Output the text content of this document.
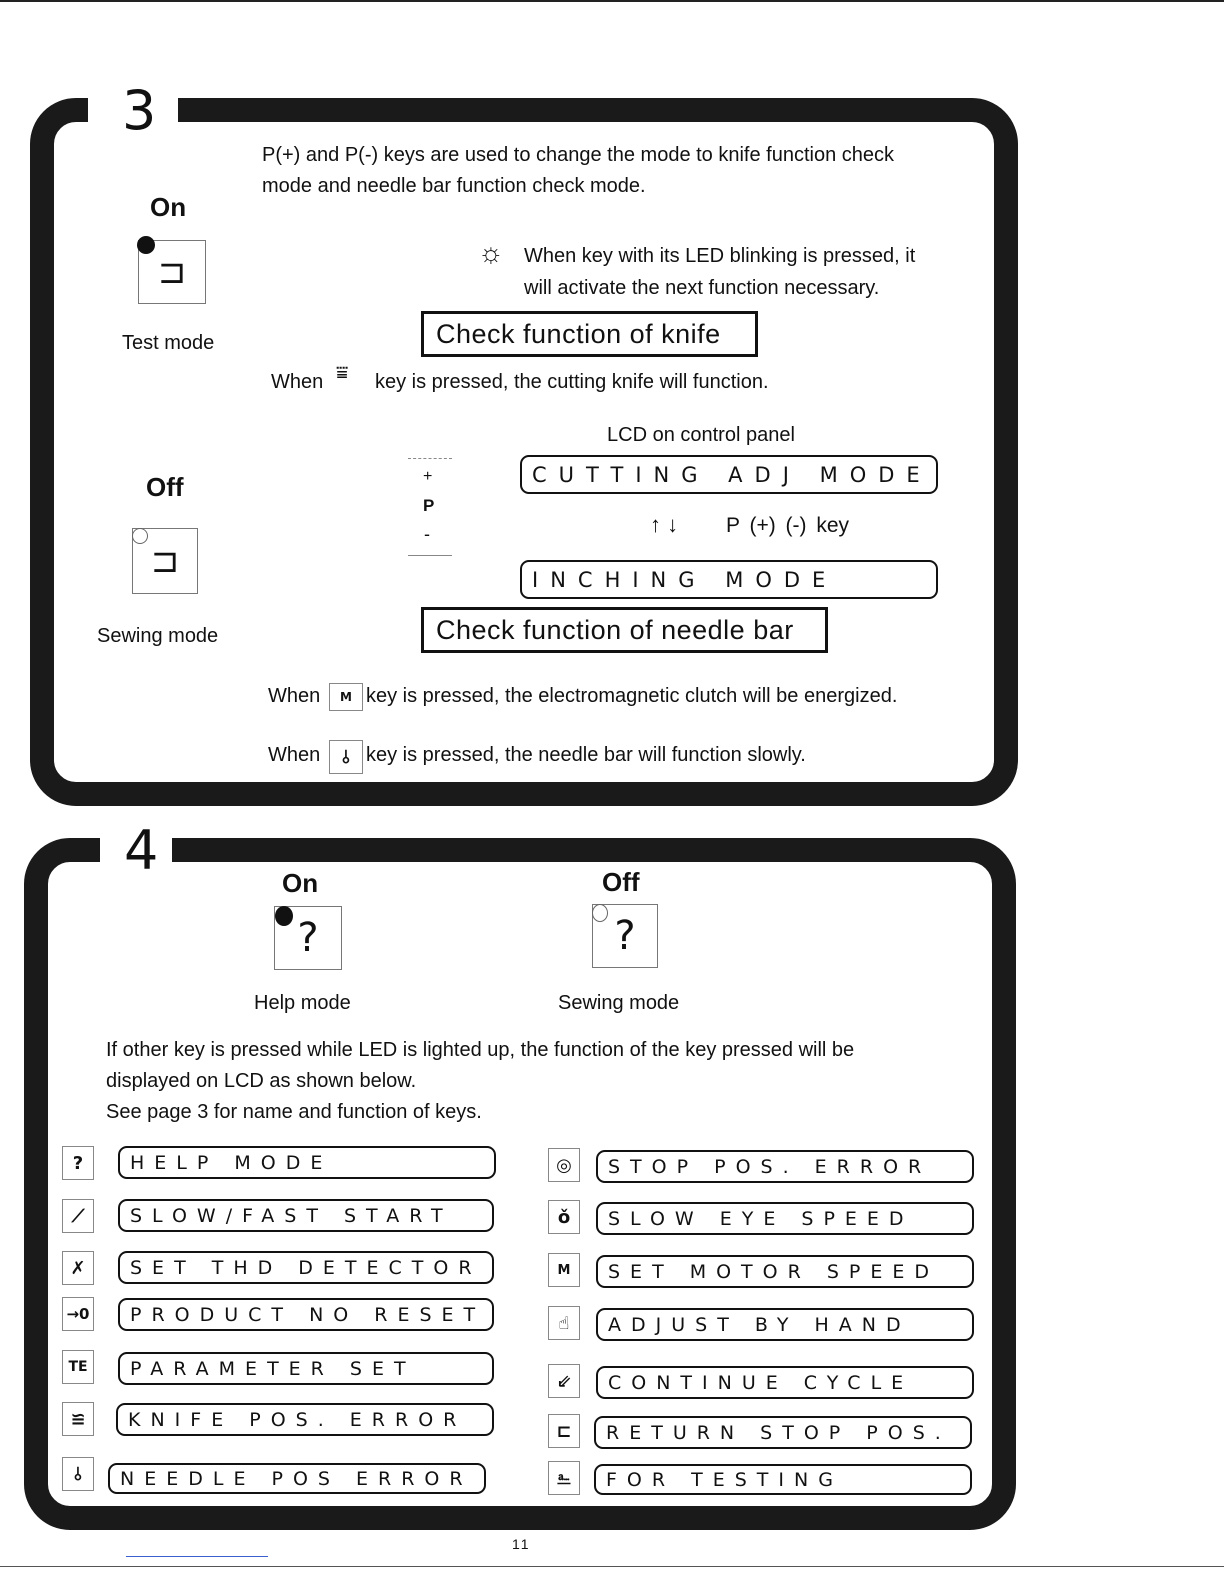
3
P(+) and P(-) keys are used to change the mode to knife function check
mode and needle bar function check mode.
On
⊐
Test mode
Off
⊐
Sewing mode
☼ When key with its LED blinking is pressed, it
will activate the next function necessary.
Check function of knife
When ⩸ key is pressed, the cutting knife will function.
LCD on control panel
+
P
-
CUTTING ADJ MODE
↑ ↓ P (+) (-) key
INCHING MODE
Check function of needle bar
When	M key is pressed, the electromagnetic clutch will be energized.
When	⫰ key is pressed, the needle bar will function slowly.
4
On
?
Help mode
Off
?
Sewing mode
If other key is pressed while LED is lighted up, the function of the key pressed will be
displayed on LCD as shown below.
See page 3 for name and function of keys.
?	HELP MODE
⟋	SLOW/FAST START
✗	SET THD DETECTOR
→0	PRODUCT NO RESET
TE	PARAMETER SET
≌	KNIFE POS. ERROR
⫰	NEEDLE POS ERROR
◎	STOP POS. ERROR
ǒ	SLOW EYE SPEED
M	SET MOTOR SPEED
☝	ADJUST BY HAND
⇙	CONTINUE CYCLE
⊏	RETURN STOP POS.
⎁	FOR TESTING
11
